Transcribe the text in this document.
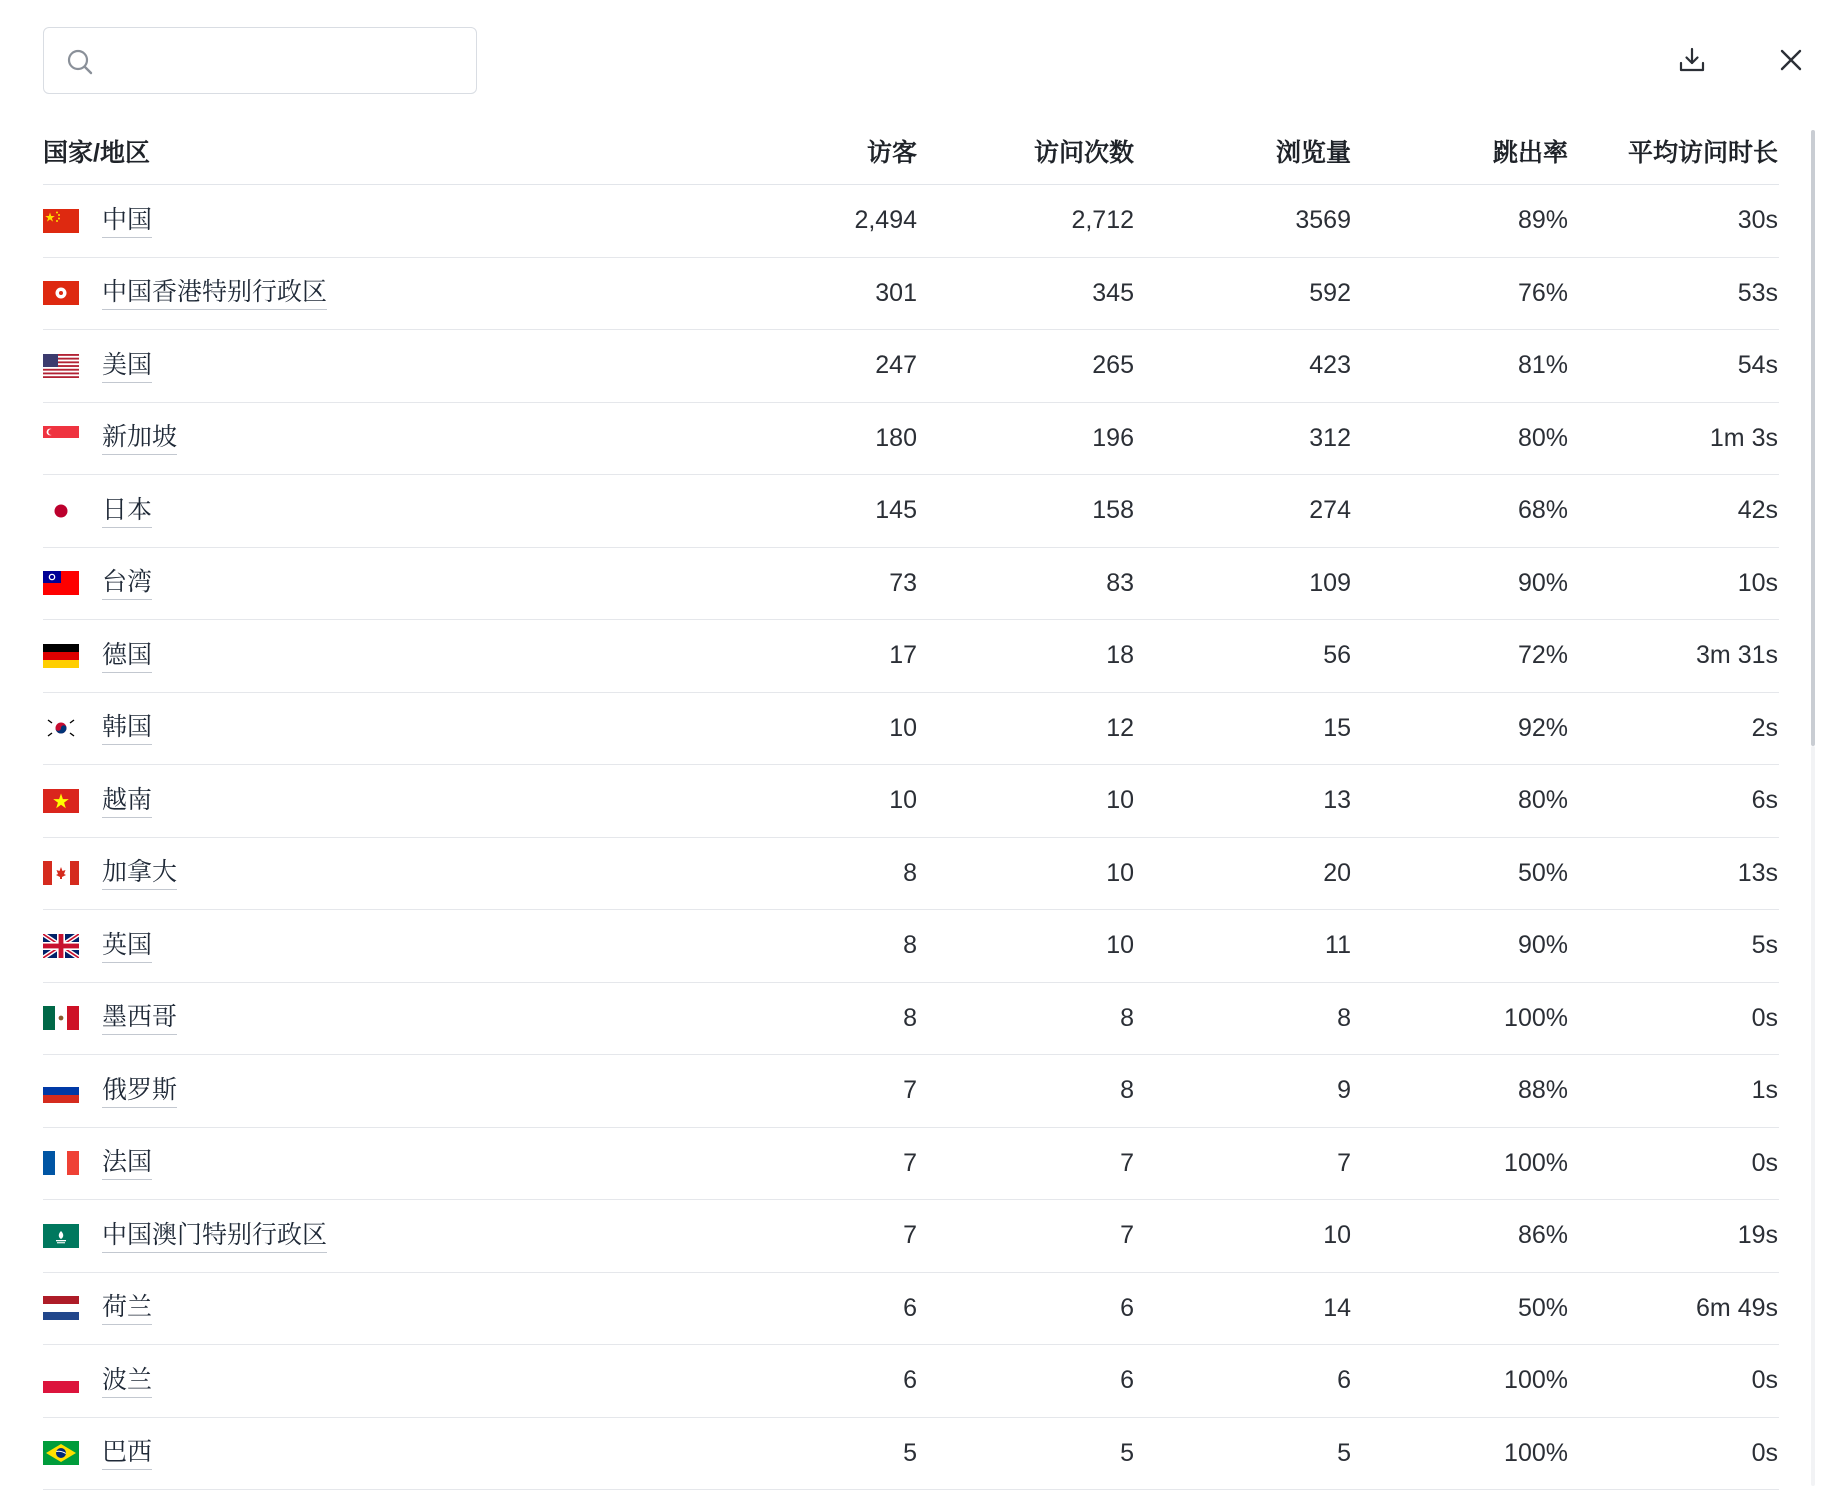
国家/地区	访客	访问次数	浏览量	跳出率	平均访问时长
中国	2,494	2,712	3569	89%	30s
中国香港特别行政区	301	345	592	76%	53s
美国	247	265	423	81%	54s
新加坡	180	196	312	80%	1m 3s
日本	145	158	274	68%	42s
台湾	73	83	109	90%	10s
德国	17	18	56	72%	3m 31s
韩国	10	12	15	92%	2s
越南	10	10	13	80%	6s
加拿大	8	10	20	50%	13s
英国	8	10	11	90%	5s
墨西哥	8	8	8	100%	0s
俄罗斯	7	8	9	88%	1s
法国	7	7	7	100%	0s
中国澳门特别行政区	7	7	10	86%	19s
荷兰	6	6	14	50%	6m 49s
波兰	6	6	6	100%	0s
巴西	5	5	5	100%	0s
